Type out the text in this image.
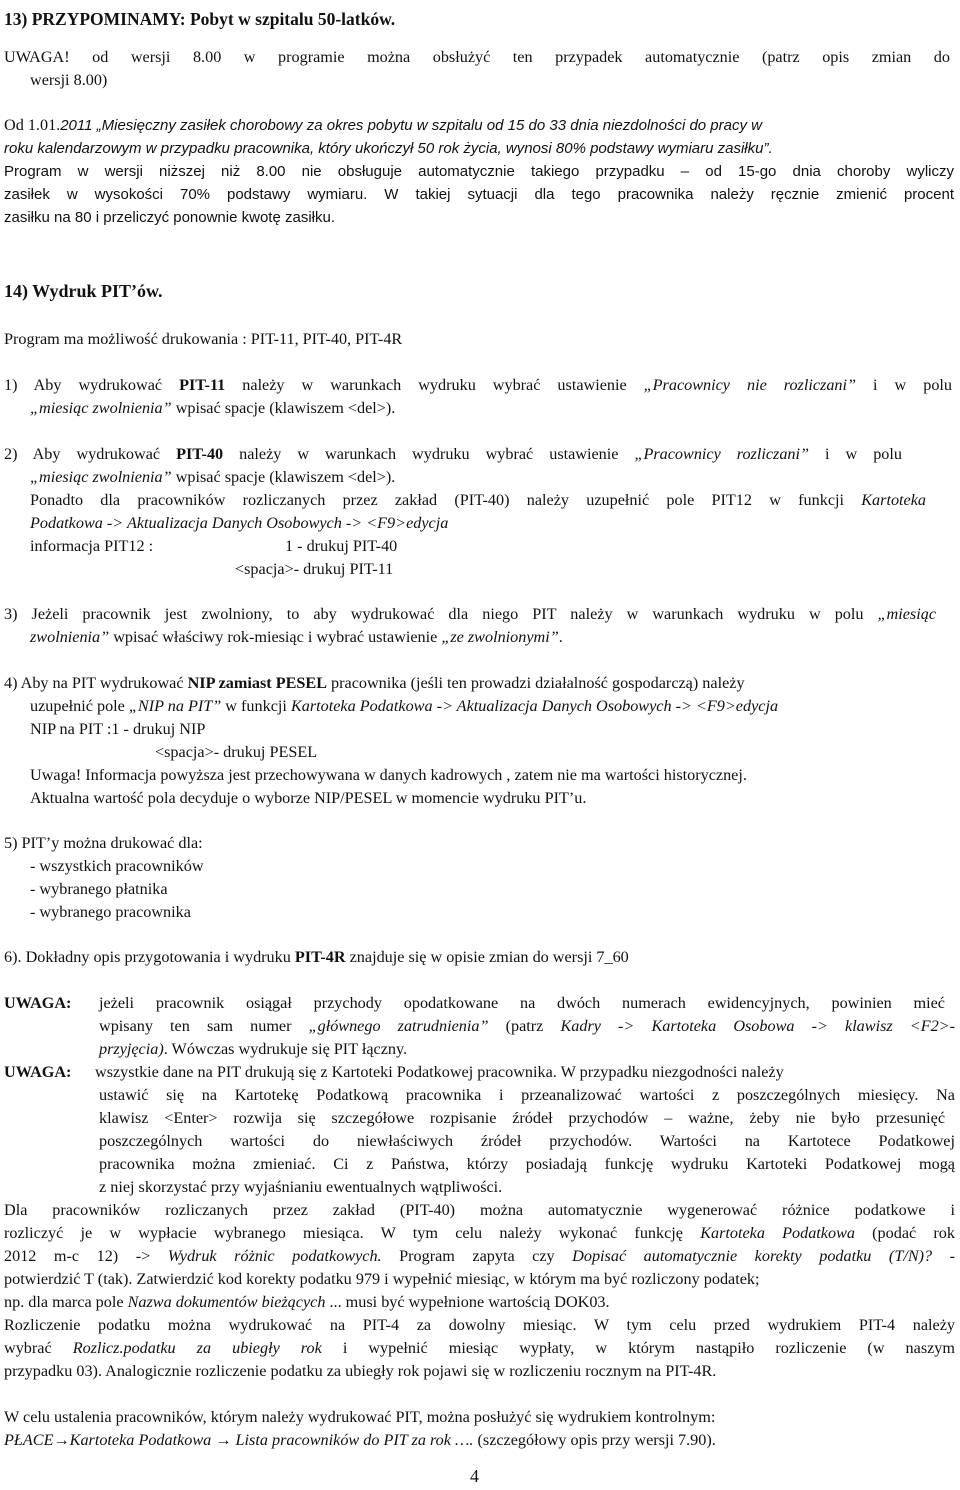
13) PRZYPOMINAMY: Pobyt w szpitalu 50-latków.
UWAGA! od wersji 8.00 w programie można obsłużyć ten przypadek automatycznie (patrz opis zmian do
wersji 8.00)
Od 1.01.2011 „Miesięczny zasiłek chorobowy za okres pobytu w szpitalu od 15 do 33 dnia niezdolności do pracy w
roku kalendarzowym w przypadku pracownika, który ukończył 50 rok życia, wynosi 80% podstawy wymiaru zasiłku”.
Program w wersji niższej niż 8.00 nie obsługuje automatycznie takiego przypadku – od 15-go dnia choroby wyliczy
zasiłek w wysokości 70% podstawy wymiaru. W takiej sytuacji dla tego pracownika należy ręcznie zmienić procent
zasiłku na 80 i przeliczyć ponownie kwotę zasiłku.
14) Wydruk PIT’ów.
Program ma możliwość drukowania : PIT-11, PIT-40, PIT-4R
1) Aby wydrukować PIT-11 należy w warunkach wydruku wybrać ustawienie „Pracownicy nie rozliczani” i w polu
„miesiąc zwolnienia” wpisać spacje (klawiszem <del>).
2) Aby wydrukować PIT-40 należy w warunkach wydruku wybrać ustawienie „Pracownicy rozliczani” i w polu
„miesiąc zwolnienia” wpisać spacje (klawiszem <del>).
Ponadto dla pracowników rozliczanych przez zakład (PIT-40) należy uzupełnić pole PIT12 w funkcji Kartoteka
Podatkowa -> Aktualizacja Danych Osobowych -> <F9>edycja
informacja PIT12 :	1 - drukuj PIT-40
<spacja>- drukuj PIT-11
3) Jeżeli pracownik jest zwolniony, to aby wydrukować dla niego PIT należy w warunkach wydruku w polu „miesiąc
zwolnienia” wpisać właściwy rok-miesiąc i wybrać ustawienie „ze zwolnionymi”.
4) Aby na PIT wydrukować NIP zamiast PESEL pracownika (jeśli ten prowadzi działalność gospodarczą) należy
uzupełnić pole „NIP na PIT” w funkcji Kartoteka Podatkowa -> Aktualizacja Danych Osobowych -> <F9>edycja
NIP na PIT :1 - drukuj NIP
<spacja>- drukuj PESEL
Uwaga! Informacja powyższa jest przechowywana w danych kadrowych , zatem nie ma wartości historycznej.
Aktualna wartość pola decyduje o wyborze NIP/PESEL w momencie wydruku PIT’u.
5) PIT’y można drukować dla:
- wszystkich pracowników
- wybranego płatnika
- wybranego pracownika
6). Dokładny opis przygotowania i wydruku PIT-4R znajduje się w opisie zmian do wersji 7_60
UWAGA: jeżeli pracownik osiągał przychody opodatkowane na dwóch numerach ewidencyjnych, powinien mieć
wpisany ten sam numer „głównego zatrudnienia” (patrz Kadry -> Kartoteka Osobowa -> klawisz <F2>-
przyjęcia). Wówczas wydrukuje się PIT łączny.
UWAGA: wszystkie dane na PIT drukują się z Kartoteki Podatkowej pracownika. W przypadku niezgodności należy
ustawić się na Kartotekę Podatkową pracownika i przeanalizować wartości z poszczególnych miesięcy. Na
klawisz <Enter> rozwija się szczegółowe rozpisanie źródeł przychodów – ważne, żeby nie było przesunięć
poszczególnych wartości do niewłaściwych źródeł przychodów. Wartości na Kartotece Podatkowej
pracownika można zmieniać. Ci z Państwa, którzy posiadają funkcję wydruku Kartoteki Podatkowej mogą
z niej skorzystać przy wyjaśnianiu ewentualnych wątpliwości.
Dla pracowników rozliczanych przez zakład (PIT-40) można automatycznie wygenerować różnice podatkowe i
rozliczyć je w wypłacie wybranego miesiąca. W tym celu należy wykonać funkcję Kartoteka Podatkowa (podać rok
2012 m-c 12) -> Wydruk różnic podatkowych. Program zapyta czy Dopisać automatycznie korekty podatku (T/N)? -
potwierdzić T (tak). Zatwierdzić kod korekty podatku 979 i wypełnić miesiąc, w którym ma być rozliczony podatek;
np. dla marca pole Nazwa dokumentów bieżących ... musi być wypełnione wartością DOK03.
Rozliczenie podatku można wydrukować na PIT-4 za dowolny miesiąc. W tym celu przed wydrukiem PIT-4 należy
wybrać Rozlicz.podatku za ubiegły rok i wypełnić miesiąc wypłaty, w którym nastąpiło rozliczenie (w naszym
przypadku 03). Analogicznie rozliczenie podatku za ubiegły rok pojawi się w rozliczeniu rocznym na PIT-4R.
W celu ustalenia pracowników, którym należy wydrukować PIT, można posłużyć się wydrukiem kontrolnym:
PŁACE→Kartoteka Podatkowa → Lista pracowników do PIT za rok …. (szczegółowy opis przy wersji 7.90).
4
